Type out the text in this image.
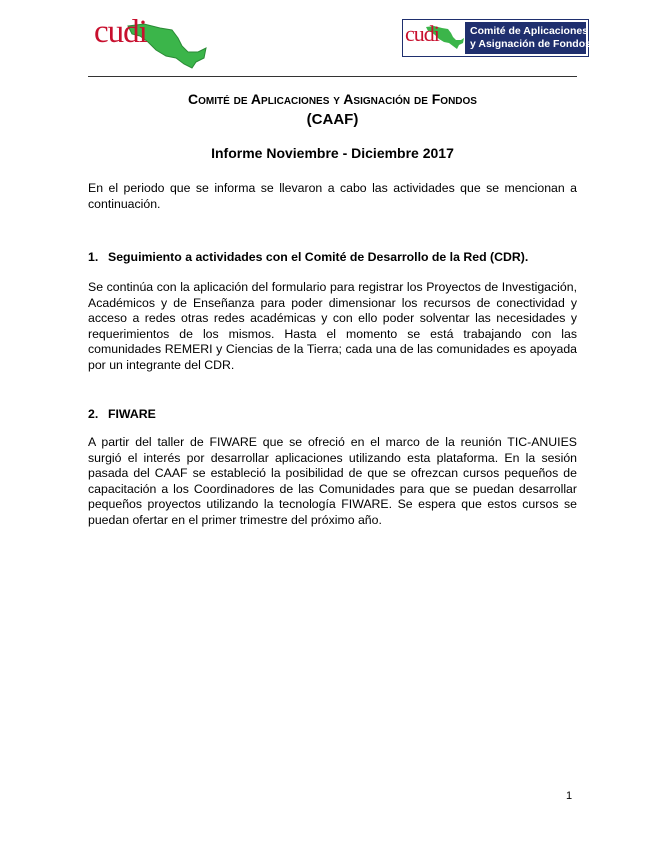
cudi	cudi	Comité de Aplicaciones
y Asignación de Fondos
Comité de Aplicaciones y Asignación de Fondos
(CAAF)
Informe Noviembre - Diciembre 2017

En el periodo que se informa se llevaron a cabo las actividades que se mencionan a continuación.

1. Seguimiento a actividades con el Comité de Desarrollo de la Red (CDR).

Se continúa con la aplicación del formulario para registrar los Proyectos de Investigación, Académicos y de Enseñanza para poder dimensionar los recursos de conectividad y acceso a redes otras redes académicas y con ello poder solventar las necesidades y requerimientos de los mismos. Hasta el momento se está trabajando con las comunidades REMERI y Ciencias de la Tierra; cada una de las comunidades es apoyada por un integrante del CDR.

2. FIWARE

A partir del taller de FIWARE que se ofreció en el marco de la reunión TIC-ANUIES surgió el interés por desarrollar aplicaciones utilizando esta plataforma. En la sesión pasada del CAAF se estableció la posibilidad de que se ofrezcan cursos pequeños de capacitación a los Coordinadores de las Comunidades para que se puedan desarrollar pequeños proyectos utilizando la tecnología FIWARE. Se espera que estos cursos se puedan ofertar en el primer trimestre del próximo año.

1
